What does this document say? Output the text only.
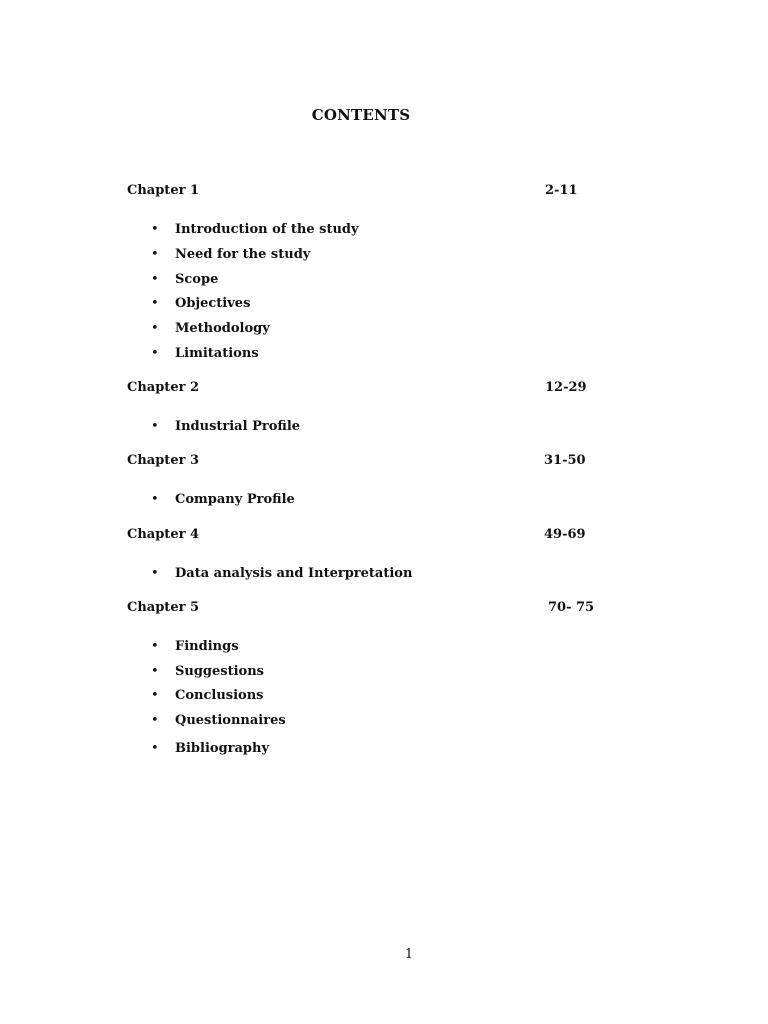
CONTENTS
Chapter 1	2-11
• Introduction of the study
• Need for the study
• Scope
• Objectives
• Methodology
• Limitations
Chapter 2	12-29
• Industrial Profile
Chapter 3	31-50
• Company Profile
Chapter 4	49-69
• Data analysis and Interpretation
Chapter 5	70- 75
• Findings
• Suggestions
• Conclusions
• Questionnaires
• Bibliography
1
